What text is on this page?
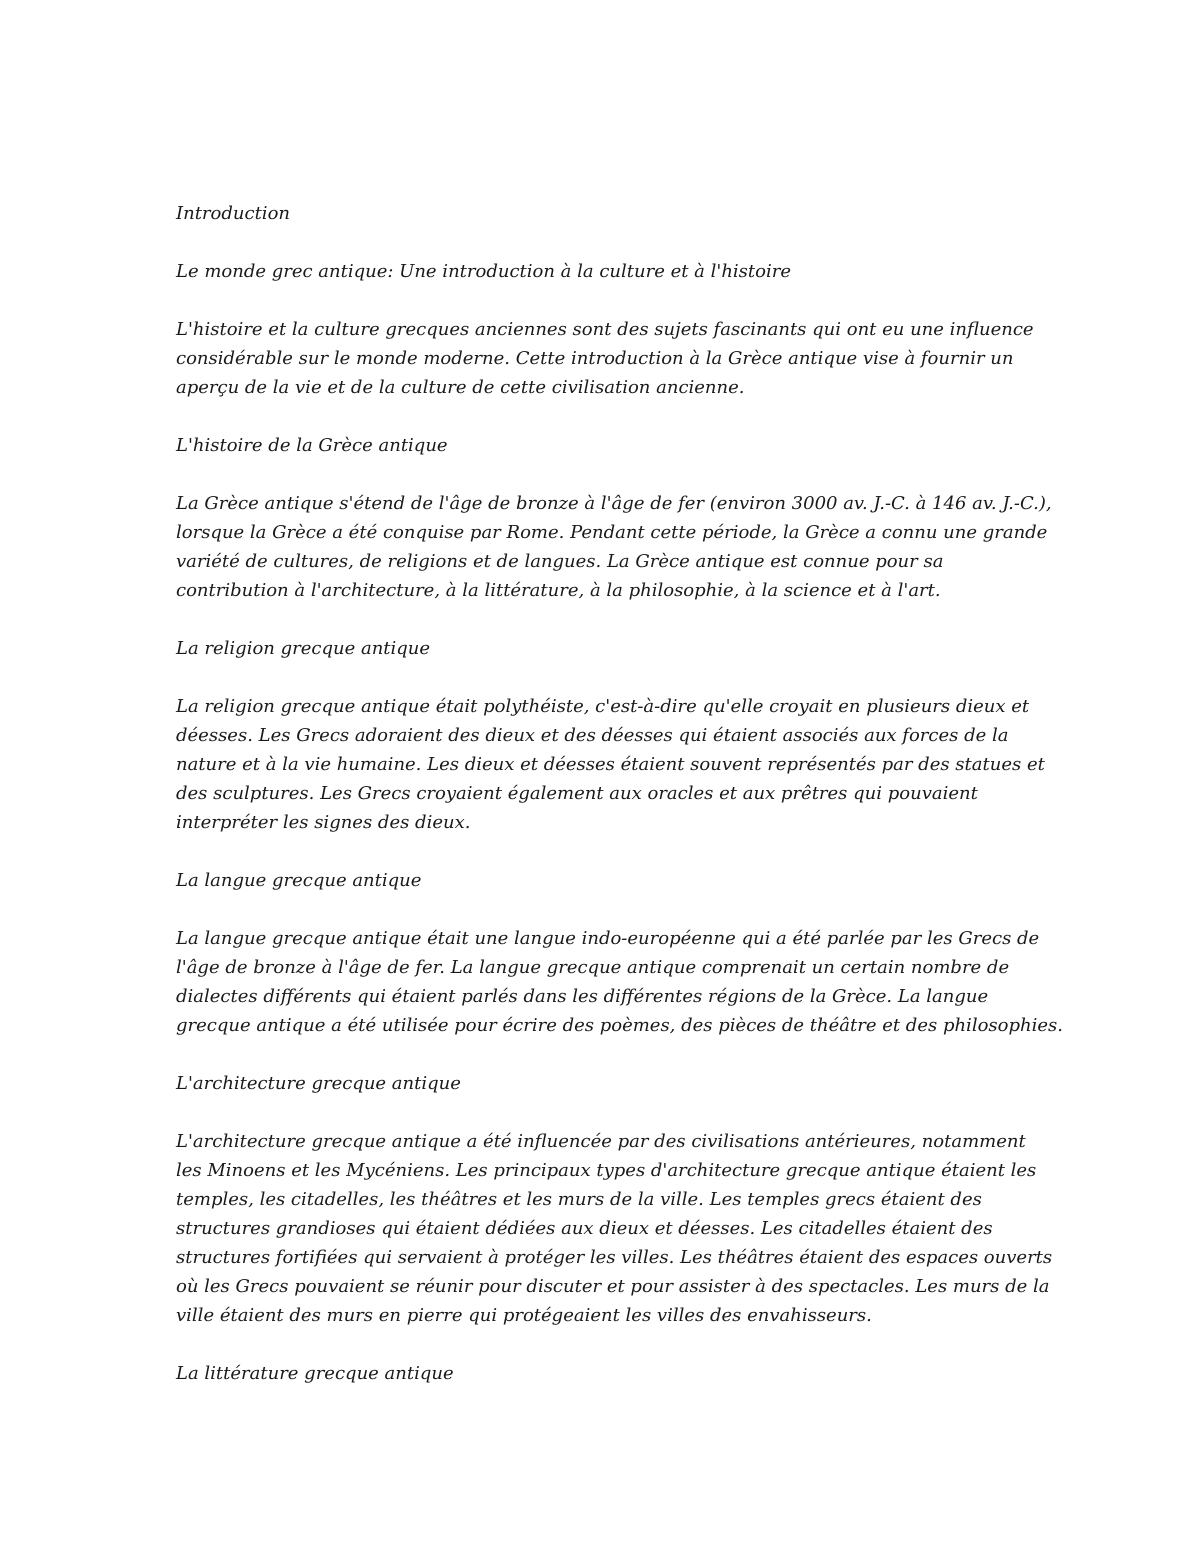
Introduction

Le monde grec antique: Une introduction à la culture et à l'histoire

L'histoire et la culture grecques anciennes sont des sujets fascinants qui ont eu une influence
considérable sur le monde moderne. Cette introduction à la Grèce antique vise à fournir un
aperçu de la vie et de la culture de cette civilisation ancienne.

L'histoire de la Grèce antique

La Grèce antique s'étend de l'âge de bronze à l'âge de fer (environ 3000 av. J.-C. à 146 av. J.-C.),
lorsque la Grèce a été conquise par Rome. Pendant cette période, la Grèce a connu une grande
variété de cultures, de religions et de langues. La Grèce antique est connue pour sa
contribution à l'architecture, à la littérature, à la philosophie, à la science et à l'art.

La religion grecque antique

La religion grecque antique était polythéiste, c'est-à-dire qu'elle croyait en plusieurs dieux et
déesses. Les Grecs adoraient des dieux et des déesses qui étaient associés aux forces de la
nature et à la vie humaine. Les dieux et déesses étaient souvent représentés par des statues et
des sculptures. Les Grecs croyaient également aux oracles et aux prêtres qui pouvaient
interpréter les signes des dieux.

La langue grecque antique

La langue grecque antique était une langue indo-européenne qui a été parlée par les Grecs de
l'âge de bronze à l'âge de fer. La langue grecque antique comprenait un certain nombre de
dialectes différents qui étaient parlés dans les différentes régions de la Grèce. La langue
grecque antique a été utilisée pour écrire des poèmes, des pièces de théâtre et des philosophies.

L'architecture grecque antique

L'architecture grecque antique a été influencée par des civilisations antérieures, notamment
les Minoens et les Mycéniens. Les principaux types d'architecture grecque antique étaient les
temples, les citadelles, les théâtres et les murs de la ville. Les temples grecs étaient des
structures grandioses qui étaient dédiées aux dieux et déesses. Les citadelles étaient des
structures fortifiées qui servaient à protéger les villes. Les théâtres étaient des espaces ouverts
où les Grecs pouvaient se réunir pour discuter et pour assister à des spectacles. Les murs de la
ville étaient des murs en pierre qui protégeaient les villes des envahisseurs.

La littérature grecque antique
